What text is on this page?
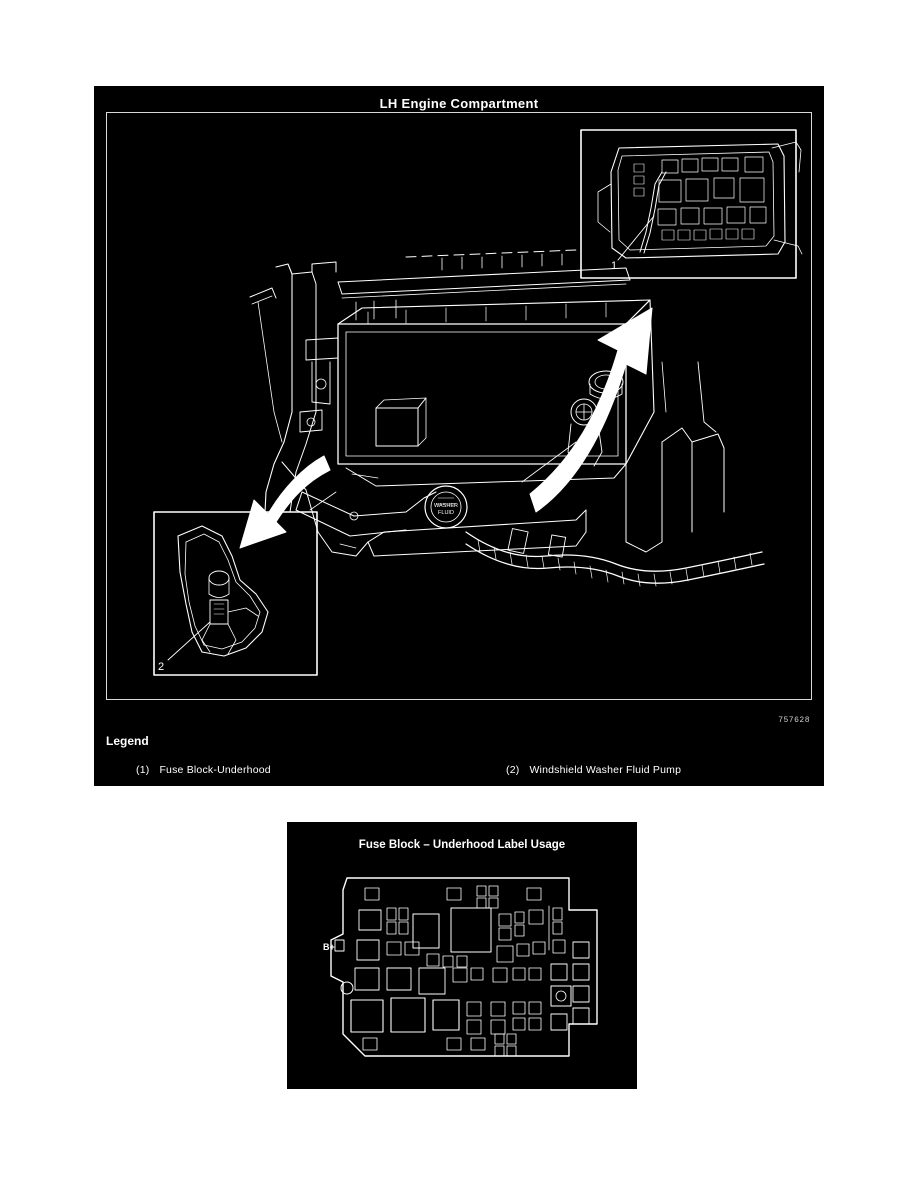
LH Engine Compartment
1
2
WASHER
FLUID
757628
Legend
(1) Fuse Block-Underhood	(2) Windshield Washer Fluid Pump
Fuse Block – Underhood Label Usage
B+
